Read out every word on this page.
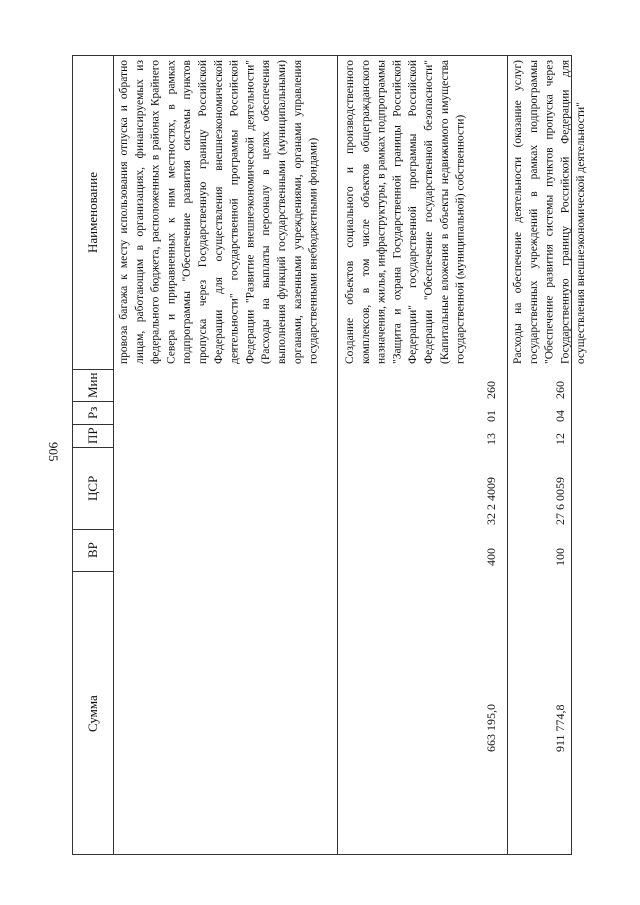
905
Сумма
ВР
ЦСР
ПР
Рз
Мин
Наименование	провоза багажа к месту использования отпуска и обратно лицам, работающим в организациях, финансируемых из федерального бюджета, расположенных в районах Крайнего Севера и приравненных к ним местностях, в рамках подпрограммы "Обеспечение развития системы пунктов пропуска через Государственную границу Российской Федерации для осуществления внешнеэкономической деятельности" государственной программы Российской Федерации "Развитие внешнеэкономической деятельности" (Расходы на выплаты персоналу в целях обеспечения выполнения функций государственными (муниципальными) органами, казенными учреждениями, органами управления государственными внебюджетными фондами)	Создание объектов социального и производственного комплексов, в том числе объектов общегражданского назначения, жилья, инфраструктуры, в рамках подпрограммы "Защита и охрана Государственной границы Российской Федерации" государственной программы Российской Федерации "Обеспечение государственной безопасности" (Капитальные вложения в объекты недвижимого имущества государственной (муниципальной) собственности)
260
01
13
32 2 4009
400
663 195,0
Расходы на обеспечение деятельности (оказание услуг) государственных учреждений в рамках подпрограммы "Обеспечение развития системы пунктов пропуска через Государственную границу Российской Федерации для осуществления внешнеэкономической деятельности"
260
04
12
27 6 0059
100
911 774,8
